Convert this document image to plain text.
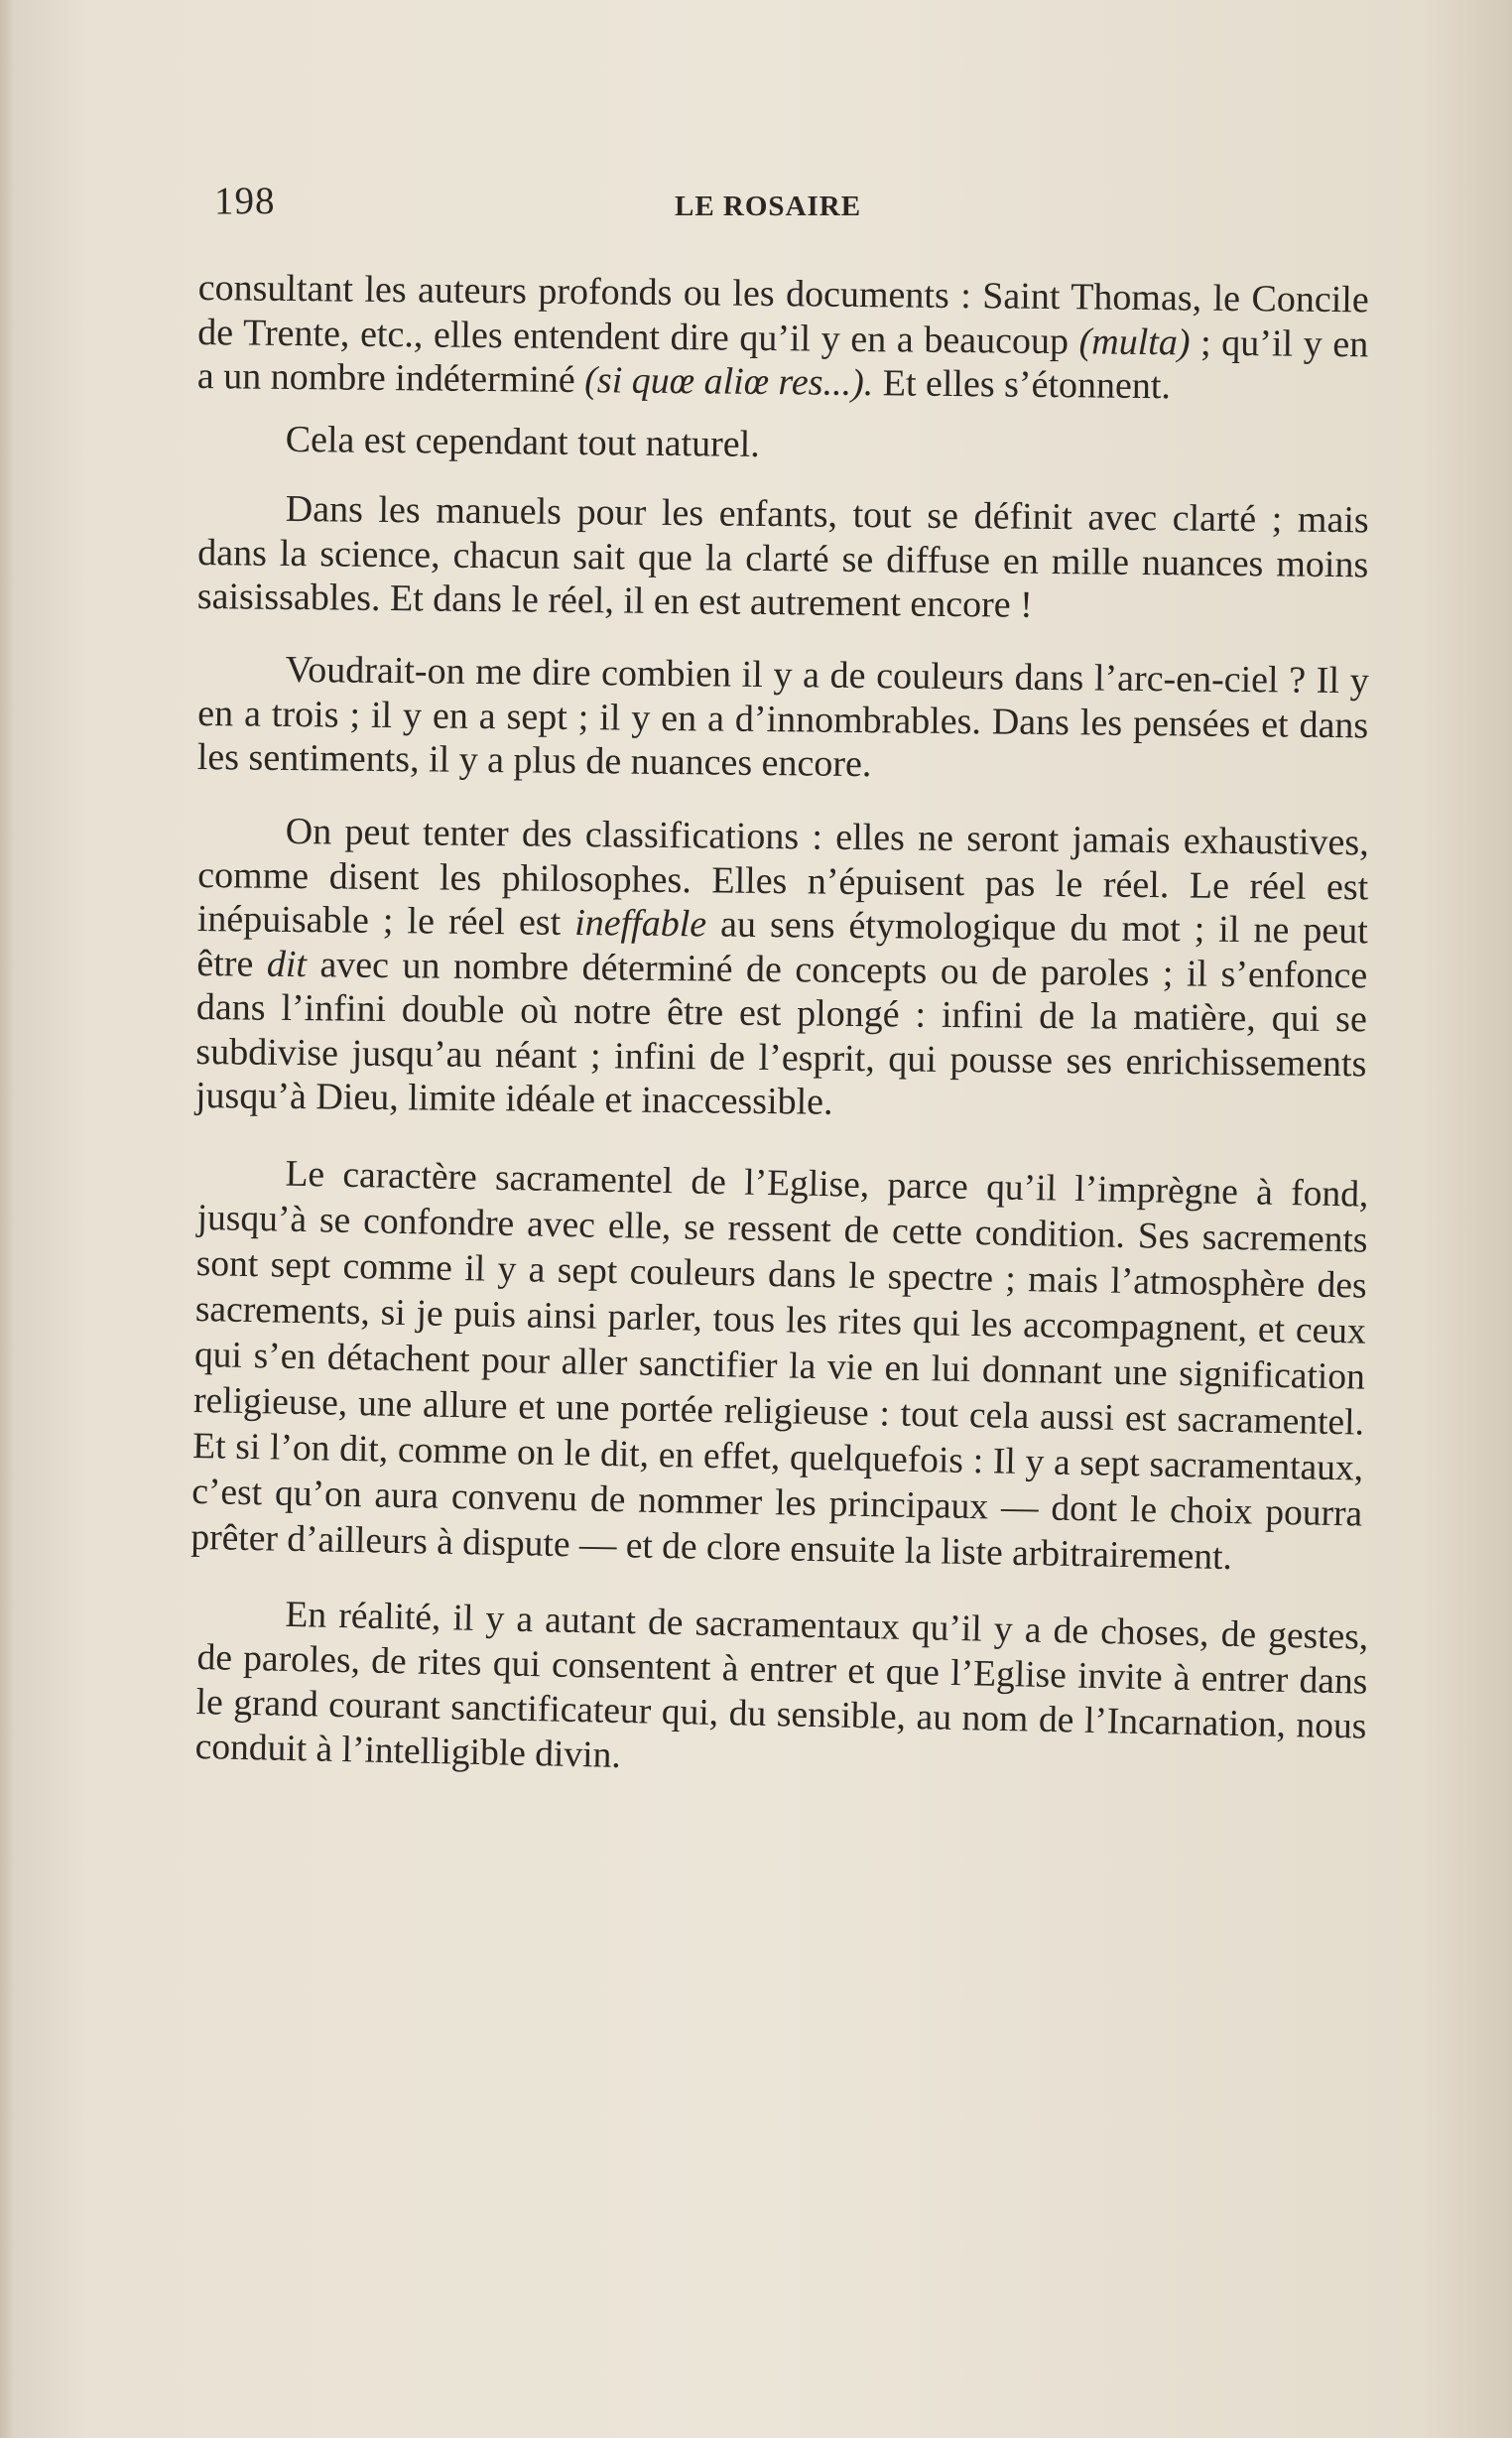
198	LE ROSAIRE

consultant les auteurs profonds ou les documents : Saint Thomas, le Concile de Trente, etc., elles entendent dire qu’il y en a beaucoup (multa) ; qu’il y en a un nombre indéterminé (si quœ aliœ res...). Et elles s’étonnent.

Cela est cependant tout naturel.

Dans les manuels pour les enfants, tout se définit avec clarté ; mais dans la science, chacun sait que la clarté se diffuse en mille nuances moins saisissables. Et dans le réel, il en est autrement encore !

Voudrait-on me dire combien il y a de couleurs dans l’arc-en-ciel ? Il y en a trois ; il y en a sept ; il y en a d’innombrables. Dans les pensées et dans les sentiments, il y a plus de nuances encore.

On peut tenter des classifications : elles ne seront jamais exhaustives, comme disent les philosophes. Elles n’épuisent pas le réel. Le réel est inépuisable ; le réel est ineffable au sens étymologique du mot ; il ne peut être dit avec un nombre déterminé de concepts ou de paroles ; il s’enfonce dans l’infini double où notre être est plongé : infini de la matière, qui se subdivise jusqu’au néant ; infini de l’esprit, qui pousse ses enrichissements jusqu’à Dieu, limite idéale et inaccessible.

Le caractère sacramentel de l’Eglise, parce qu’il l’imprègne à fond, jusqu’à se confondre avec elle, se ressent de cette condition. Ses sacrements sont sept comme il y a sept couleurs dans le spectre ; mais l’atmosphère des sacrements, si je puis ainsi parler, tous les rites qui les accompagnent, et ceux qui s’en détachent pour aller sanctifier la vie en lui donnant une signification religieuse, une allure et une portée religieuse : tout cela aussi est sacramentel. Et si l’on dit, comme on le dit, en effet, quelquefois : Il y a sept sacramentaux, c’est qu’on aura convenu de nommer les principaux — dont le choix pourra prêter d’ailleurs à dispute — et de clore ensuite la liste arbitrairement.

En réalité, il y a autant de sacramentaux qu’il y a de choses, de gestes, de paroles, de rites qui consentent à entrer et que l’Eglise invite à entrer dans le grand courant sanctificateur qui, du sensible, au nom de l’Incarnation, nous conduit à l’intelligible divin.
